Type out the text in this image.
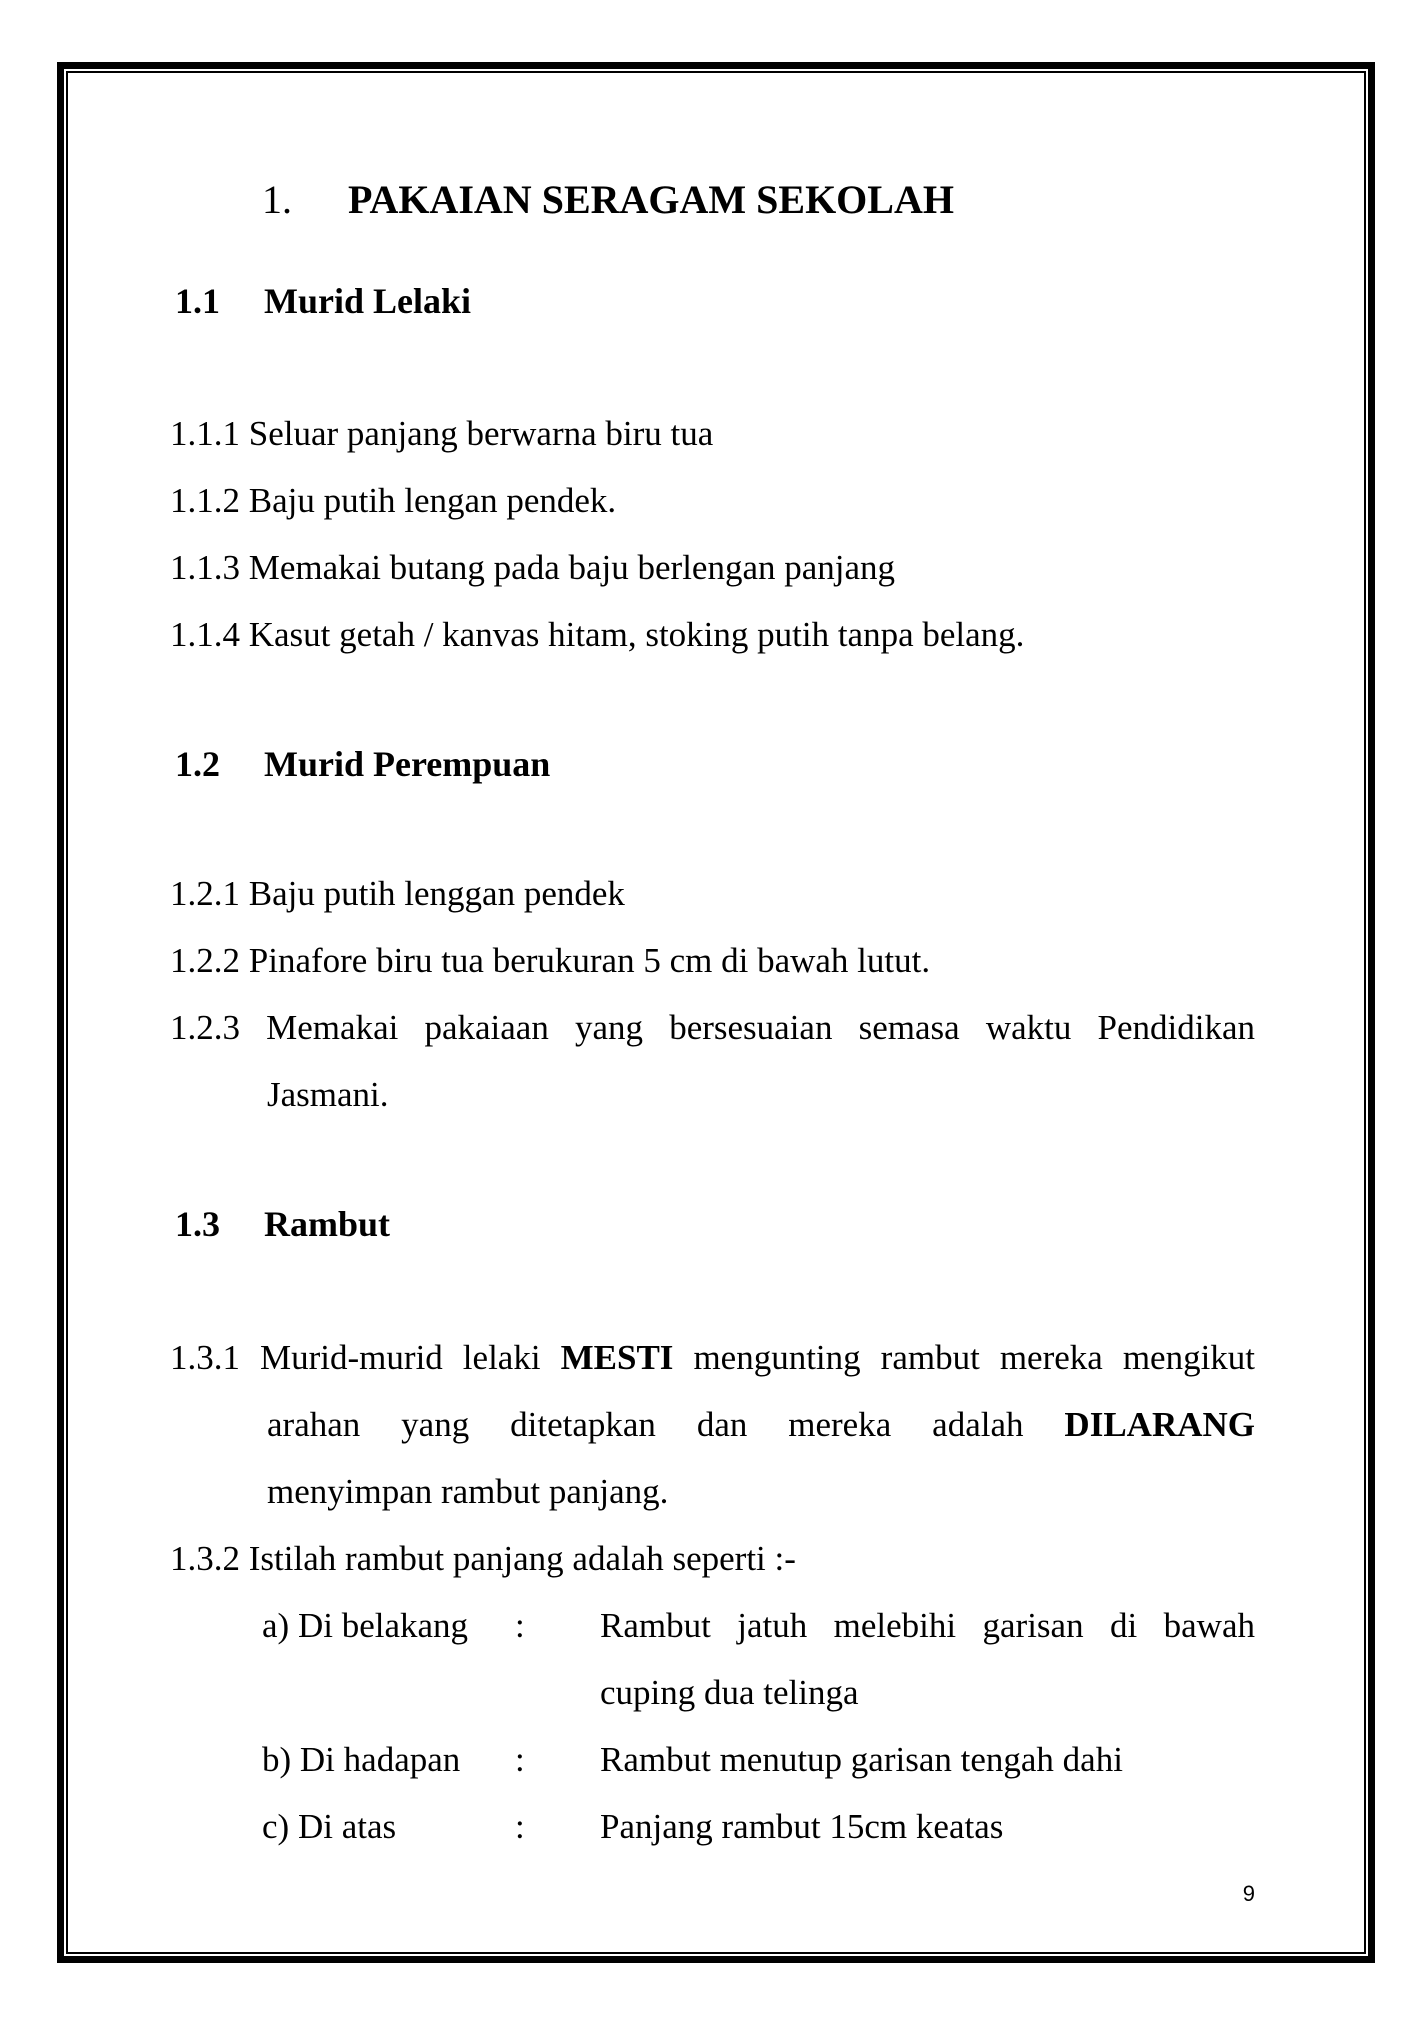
1. PAKAIAN SERAGAM SEKOLAH
1.1 Murid Lelaki
1.1.1 Seluar panjang berwarna biru tua
1.1.2 Baju putih lengan pendek.
1.1.3 Memakai butang pada baju berlengan panjang
1.1.4 Kasut getah / kanvas hitam, stoking putih tanpa belang.
1.2 Murid Perempuan
1.2.1 Baju putih lenggan pendek
1.2.2 Pinafore biru tua berukuran 5 cm di bawah lutut.
1.2.3 Memakai pakaiaan yang bersesuaian semasa waktu Pendidikan
Jasmani.
1.3 Rambut
1.3.1 Murid-murid lelaki MESTI mengunting rambut mereka mengikut
arahan yang ditetapkan dan mereka adalah DILARANG
menyimpan rambut panjang.
1.3.2 Istilah rambut panjang adalah seperti :-
a) Di belakang	:	Rambut jatuh melebihi garisan di bawah
cuping dua telinga
b) Di hadapan	:	Rambut menutup garisan tengah dahi
c) Di atas	:	Panjang rambut 15cm keatas
9
